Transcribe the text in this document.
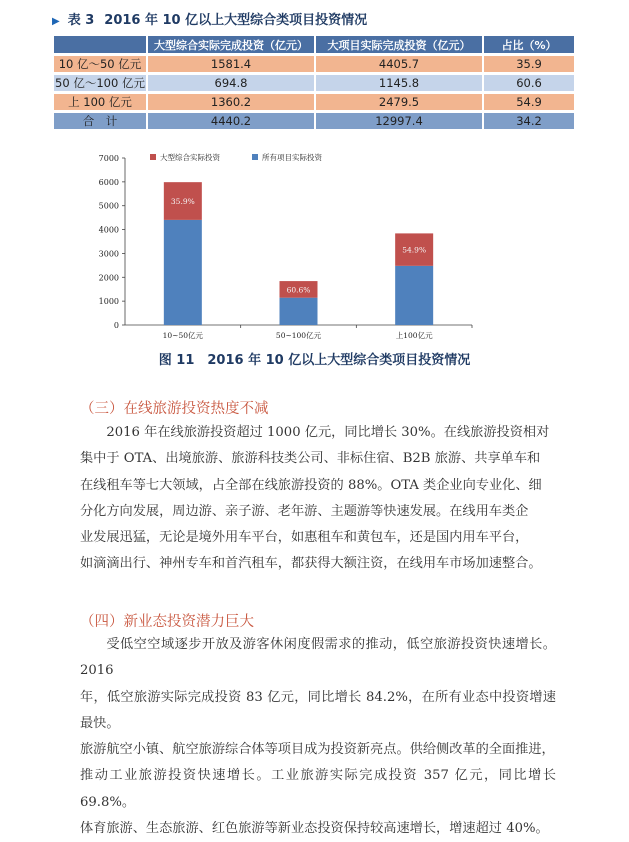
▶ 表 3 2016 年 10 亿以上大型综合类项目投资情况
	大型综合实际完成投资（亿元）	大项目实际完成投资（亿元）	占比（%）
10 亿～50 亿元	1581.4	4405.7	35.9
50 亿～100 亿元	694.8	1145.8	60.6
上 100 亿元	1360.2	2479.5	54.9
合　计	4440.2	12997.4	34.2
0
1000
2000
3000
4000
5000
6000
7000
35.9%
10~50亿元
60.6%
50~100亿元
54.9%
上100亿元
大型综合实际投资	所有项目实际投资
图 11　2016 年 10 亿以上大型综合类项目投资情况
（三）在线旅游投资热度不减
2016 年在线旅游投资超过 1000 亿元，同比增长 30%。在线旅游投资相对
集中于 OTA、出境旅游、旅游科技类公司、非标住宿、B2B 旅游、共享单车和
在线租车等七大领域，占全部在线旅游投资的 88%。OTA 类企业向专业化、细
分化方向发展，周边游、亲子游、老年游、主题游等快速发展。在线用车类企
业发展迅猛，无论是境外用车平台，如惠租车和黄包车，还是国内用车平台，
如滴滴出行、神州专车和首汽租车，都获得大额注资，在线用车市场加速整合。
（四）新业态投资潜力巨大
受低空空域逐步开放及游客休闲度假需求的推动，低空旅游投资快速增长。2016
年，低空旅游实际完成投资 83 亿元，同比增长 84.2%，在所有业态中投资增速最快。
旅游航空小镇、航空旅游综合体等项目成为投资新亮点。供给侧改革的全面推进，
推动工业旅游投资快速增长。工业旅游实际完成投资 357 亿元，同比增长 69.8%。
体育旅游、生态旅游、红色旅游等新业态投资保持较高速增长，增速超过 40%。
